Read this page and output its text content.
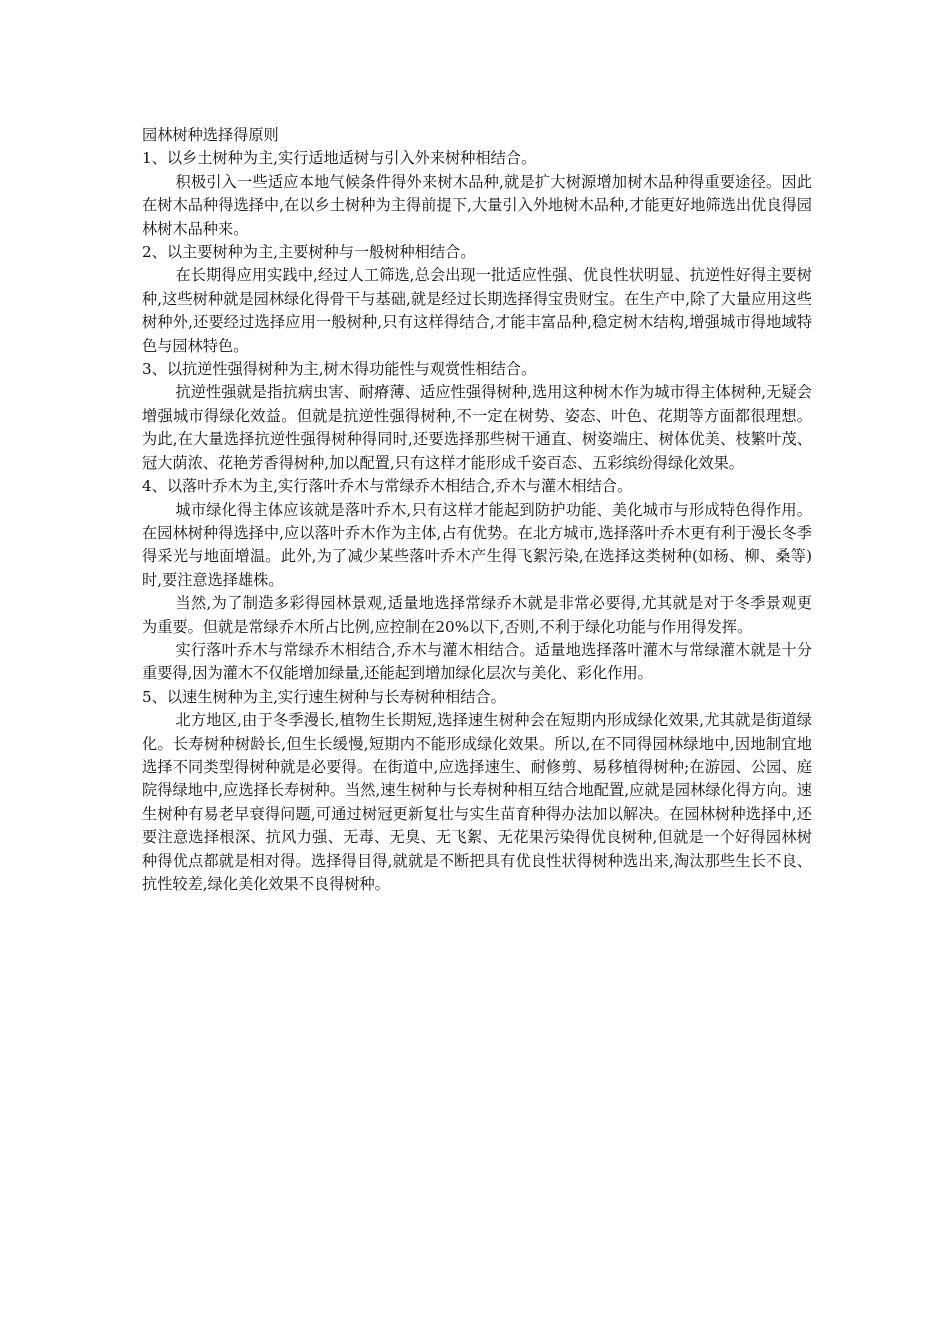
园林树种选择得原则

1、以乡土树种为主,实行适地适树与引入外来树种相结合。

积极引入一些适应本地气候条件得外来树木品种,就是扩大树源增加树木品种得重要途径。因此在树木品种得选择中,在以乡土树种为主得前提下,大量引入外地树木品种,才能更好地筛选出优良得园林树木品种来。

2、以主要树种为主,主要树种与一般树种相结合。

在长期得应用实践中,经过人工筛选,总会出现一批适应性强、优良性状明显、抗逆性好得主要树种,这些树种就是园林绿化得骨干与基础,就是经过长期选择得宝贵财宝。在生产中,除了大量应用这些树种外,还要经过选择应用一般树种,只有这样得结合,才能丰富品种,稳定树木结构,增强城市得地域特色与园林特色。

3、以抗逆性强得树种为主,树木得功能性与观赏性相结合。

抗逆性强就是指抗病虫害、耐瘠薄、适应性强得树种,选用这种树木作为城市得主体树种,无疑会增强城市得绿化效益。但就是抗逆性强得树种,不一定在树势、姿态、叶色、花期等方面都很理想。为此,在大量选择抗逆性强得树种得同时,还要选择那些树干通直、树姿端庄、树体优美、枝繁叶茂、冠大荫浓、花艳芳香得树种,加以配置,只有这样才能形成千姿百态、五彩缤纷得绿化效果。

4、以落叶乔木为主,实行落叶乔木与常绿乔木相结合,乔木与灌木相结合。

城市绿化得主体应该就是落叶乔木,只有这样才能起到防护功能、美化城市与形成特色得作用。在园林树种得选择中,应以落叶乔木作为主体,占有优势。在北方城市,选择落叶乔木更有利于漫长冬季得采光与地面增温。此外,为了减少某些落叶乔木产生得飞絮污染,在选择这类树种(如杨、柳、桑等)时,要注意选择雄株。

当然,为了制造多彩得园林景观,适量地选择常绿乔木就是非常必要得,尤其就是对于冬季景观更为重要。但就是常绿乔木所占比例,应控制在20%以下,否则,不利于绿化功能与作用得发挥。

实行落叶乔木与常绿乔木相结合,乔木与灌木相结合。适量地选择落叶灌木与常绿灌木就是十分重要得,因为灌木不仅能增加绿量,还能起到增加绿化层次与美化、彩化作用。

5、以速生树种为主,实行速生树种与长寿树种相结合。

北方地区,由于冬季漫长,植物生长期短,选择速生树种会在短期内形成绿化效果,尤其就是街道绿化。长寿树种树龄长,但生长缓慢,短期内不能形成绿化效果。所以,在不同得园林绿地中,因地制宜地选择不同类型得树种就是必要得。在街道中,应选择速生、耐修剪、易移植得树种;在游园、公园、庭院得绿地中,应选择长寿树种。当然,速生树种与长寿树种相互结合地配置,应就是园林绿化得方向。速生树种有易老早衰得问题,可通过树冠更新复壮与实生苗育种得办法加以解决。在园林树种选择中,还要注意选择根深、抗风力强、无毒、无臭、无飞絮、无花果污染得优良树种,但就是一个好得园林树种得优点都就是相对得。选择得目得,就就是不断把具有优良性状得树种选出来,淘汰那些生长不良、抗性较差,绿化美化效果不良得树种。
